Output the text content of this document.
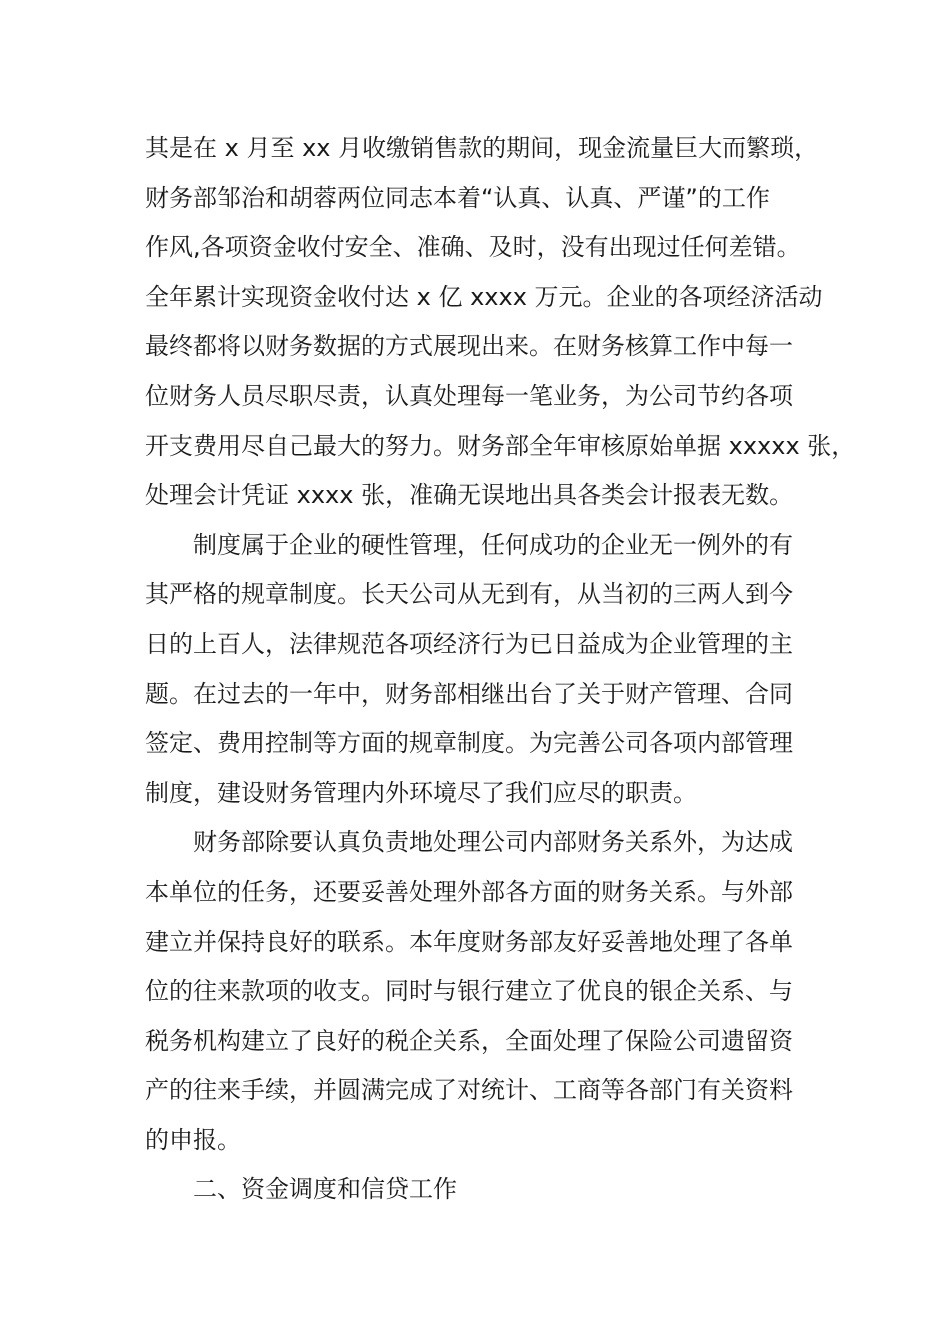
其是在 x 月至 xx 月收缴销售款的期间，现金流量巨大而繁琐，
财务部邹治和胡蓉两位同志本着“认真、认真、严谨”的工作
作风,各项资金收付安全、准确、及时，没有出现过任何差错。
全年累计实现资金收付达 x 亿 xxxx 万元。企业的各项经济活动
最终都将以财务数据的方式展现出来。在财务核算工作中每一
位财务人员尽职尽责，认真处理每一笔业务，为公司节约各项
开支费用尽自己最大的努力。财务部全年审核原始单据 xxxxx 张，
处理会计凭证 xxxx 张，准确无误地出具各类会计报表无数。
制度属于企业的硬性管理，任何成功的企业无一例外的有
其严格的规章制度。长天公司从无到有，从当初的三两人到今
日的上百人，法律规范各项经济行为已日益成为企业管理的主
题。在过去的一年中，财务部相继出台了关于财产管理、合同
签定、费用控制等方面的规章制度。为完善公司各项内部管理
制度，建设财务管理内外环境尽了我们应尽的职责。
财务部除要认真负责地处理公司内部财务关系外，为达成
本单位的任务，还要妥善处理外部各方面的财务关系。与外部
建立并保持良好的联系。本年度财务部友好妥善地处理了各单
位的往来款项的收支。同时与银行建立了优良的银企关系、与
税务机构建立了良好的税企关系，全面处理了保险公司遗留资
产的往来手续，并圆满完成了对统计、工商等各部门有关资料
的申报。
二、资金调度和信贷工作
